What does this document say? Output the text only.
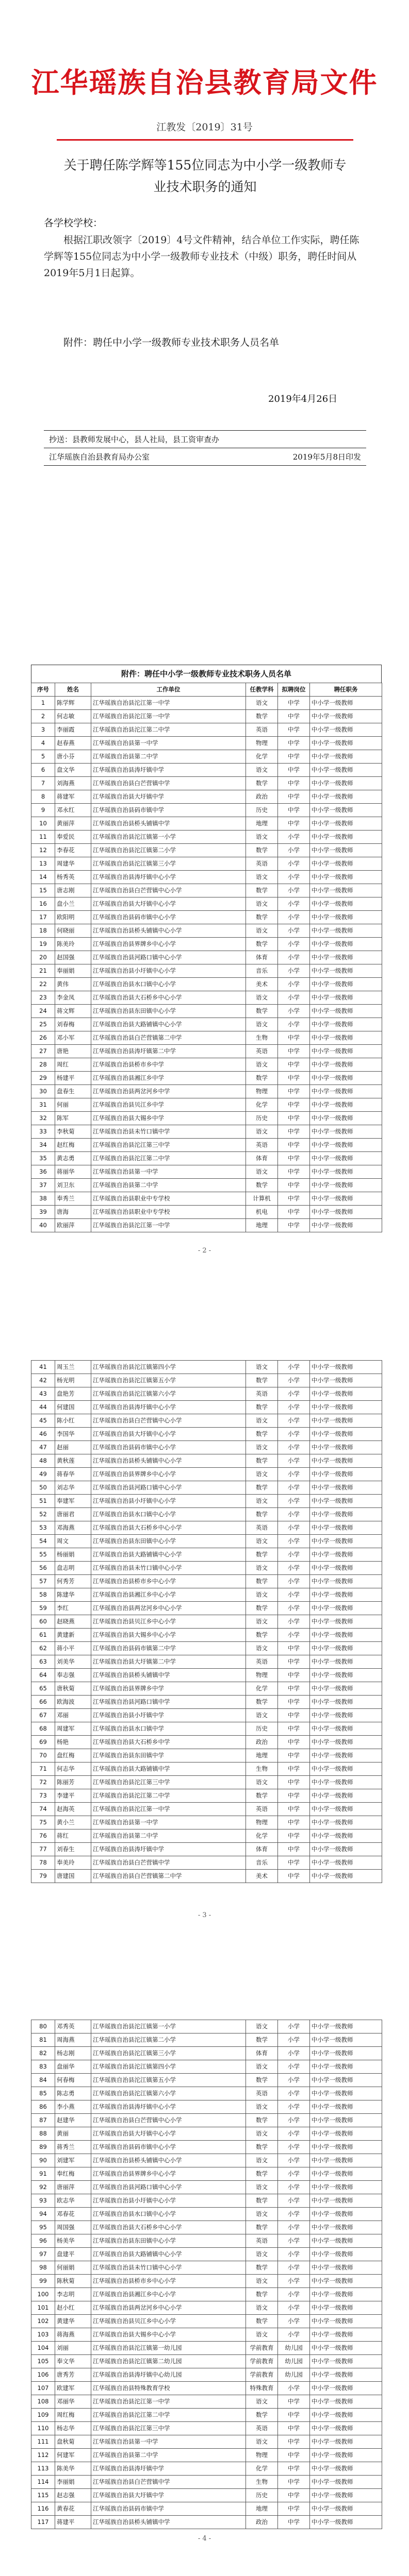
江华瑶族自治县教育局文件
江教发〔2019〕31号
关于聘任陈学辉等155位同志为中小学一级教师专业技术职务的通知
各学校学校：

根据江职改领字〔2019〕4号文件精神，结合单位工作实际，聘任陈学辉等155位同志为中小学一级教师专业技术（中级）职务，聘任时间从2019年5月1日起算。

附件：聘任中小学一级教师专业技术职务人员名单
2019年4月26日
抄送：县教师发展中心，县人社局，县工资审查办
江华瑶族自治县教育局办公室	2019年5月8日印发
附件：聘任中小学一级教师专业技术职务人员名单
序号	姓名	工作单位	任教学科	拟聘岗位	聘任职务
1	陈学辉	江华瑶族自治县沱江第一中学	语文	中学	中小学一级教师
2	何志敏	江华瑶族自治县沱江第一中学	数学	中学	中小学一级教师
3	李丽霞	江华瑶族自治县沱江第二中学	英语	中学	中小学一级教师
4	赵春燕	江华瑶族自治县第一中学	物理	中学	中小学一级教师
5	唐小芬	江华瑶族自治县第二中学	化学	中学	中小学一级教师
6	盘文华	江华瑶族自治县涛圩镇中学	语文	中学	中小学一级教师
7	刘海燕	江华瑶族自治县白芒营镇中学	数学	中学	中小学一级教师
8	蒋建军	江华瑶族自治县大圩镇中学	政治	中学	中小学一级教师
9	邓永红	江华瑶族自治县码市镇中学	历史	中学	中小学一级教师
10	黄丽萍	江华瑶族自治县桥头铺镇中学	地理	中学	中小学一级教师
11	奉爱民	江华瑶族自治县沱江镇第一小学	语文	小学	中小学一级教师
12	李春花	江华瑶族自治县沱江镇第二小学	数学	小学	中小学一级教师
13	周建华	江华瑶族自治县沱江镇第三小学	英语	小学	中小学一级教师
14	杨秀英	江华瑶族自治县涛圩镇中心小学	语文	小学	中小学一级教师
15	唐志刚	江华瑶族自治县白芒营镇中心小学	数学	小学	中小学一级教师
16	盘小兰	江华瑶族自治县大圩镇中心小学	语文	小学	中小学一级教师
17	欧阳明	江华瑶族自治县码市镇中心小学	数学	小学	中小学一级教师
18	何晓丽	江华瑶族自治县桥头铺镇中心小学	语文	小学	中小学一级教师
19	陈美玲	江华瑶族自治县界牌乡中心小学	数学	小学	中小学一级教师
20	赵国强	江华瑶族自治县河路口镇中心小学	体育	小学	中小学一级教师
21	奉丽娟	江华瑶族自治县小圩镇中心小学	音乐	小学	中小学一级教师
22	黄伟	江华瑶族自治县水口镇中心小学	美术	小学	中小学一级教师
23	李金凤	江华瑶族自治县大石桥乡中心小学	语文	小学	中小学一级教师
24	蒋文辉	江华瑶族自治县东田镇中心小学	数学	小学	中小学一级教师
25	刘春梅	江华瑶族自治县大路铺镇中心小学	语文	小学	中小学一级教师
26	邓小军	江华瑶族自治县白芒营镇第二中学	生物	中学	中小学一级教师
27	唐艳	江华瑶族自治县涛圩镇第二中学	英语	中学	中小学一级教师
28	周红	江华瑶族自治县桥市乡中学	语文	中学	中小学一级教师
29	杨建平	江华瑶族自治县湘江乡中学	数学	中学	中小学一级教师
30	盘春生	江华瑶族自治县两岔河乡中学	物理	中学	中小学一级教师
31	何丽	江华瑶族自治县贝江乡中学	化学	中学	中小学一级教师
32	陈军	江华瑶族自治县大锡乡中学	历史	中学	中小学一级教师
33	李秋菊	江华瑶族自治县未竹口镇中学	语文	中学	中小学一级教师
34	赵红梅	江华瑶族自治县沱江第三中学	英语	中学	中小学一级教师
35	黄志勇	江华瑶族自治县沱江第二中学	体育	中学	中小学一级教师
36	蒋丽华	江华瑶族自治县第一中学	语文	中学	中小学一级教师
37	刘卫东	江华瑶族自治县第二中学	数学	中学	中小学一级教师
38	奉秀兰	江华瑶族自治县职业中专学校	计算机	中学	中小学一级教师
39	唐海	江华瑶族自治县职业中专学校	机电	中学	中小学一级教师
40	欧丽萍	江华瑶族自治县沱江第一中学	地理	中学	中小学一级教师
- 2 -
41	周玉兰	江华瑶族自治县沱江镇第四小学	语文	小学	中小学一级教师
42	杨光明	江华瑶族自治县沱江镇第五小学	数学	小学	中小学一级教师
43	盘艳芳	江华瑶族自治县沱江镇第六小学	英语	小学	中小学一级教师
44	何建国	江华瑶族自治县涛圩镇中心小学	数学	小学	中小学一级教师
45	陈小红	江华瑶族自治县白芒营镇中心小学	语文	小学	中小学一级教师
46	李国华	江华瑶族自治县大圩镇中心小学	数学	小学	中小学一级教师
47	赵丽	江华瑶族自治县码市镇中心小学	语文	小学	中小学一级教师
48	黄秋莲	江华瑶族自治县桥头铺镇中心小学	数学	小学	中小学一级教师
49	蒋春华	江华瑶族自治县界牌乡中心小学	语文	小学	中小学一级教师
50	刘志华	江华瑶族自治县河路口镇中心小学	数学	小学	中小学一级教师
51	奉建军	江华瑶族自治县小圩镇中心小学	语文	小学	中小学一级教师
52	唐丽君	江华瑶族自治县水口镇中心小学	数学	小学	中小学一级教师
53	邓海燕	江华瑶族自治县大石桥乡中心小学	英语	小学	中小学一级教师
54	周文	江华瑶族自治县东田镇中心小学	语文	小学	中小学一级教师
55	杨丽娟	江华瑶族自治县大路铺镇中心小学	数学	小学	中小学一级教师
56	盘志明	江华瑶族自治县未竹口镇中心小学	语文	小学	中小学一级教师
57	何秀芳	江华瑶族自治县桥市乡中心小学	数学	小学	中小学一级教师
58	陈建华	江华瑶族自治县湘江乡中心小学	语文	小学	中小学一级教师
59	李红	江华瑶族自治县两岔河乡中心小学	数学	小学	中小学一级教师
60	赵晓燕	江华瑶族自治县贝江乡中心小学	语文	小学	中小学一级教师
61	黄建新	江华瑶族自治县大锡乡中心小学	数学	小学	中小学一级教师
62	蒋小平	江华瑶族自治县码市镇第二中学	语文	中学	中小学一级教师
63	刘美华	江华瑶族自治县大圩镇第二中学	英语	中学	中小学一级教师
64	奉志强	江华瑶族自治县桥头铺镇中学	物理	中学	中小学一级教师
65	唐秋菊	江华瑶族自治县界牌乡中学	化学	中学	中小学一级教师
66	欧海波	江华瑶族自治县河路口镇中学	数学	中学	中小学一级教师
67	邓丽	江华瑶族自治县小圩镇中学	语文	中学	中小学一级教师
68	周建军	江华瑶族自治县水口镇中学	历史	中学	中小学一级教师
69	杨艳	江华瑶族自治县大石桥乡中学	政治	中学	中小学一级教师
70	盘红梅	江华瑶族自治县东田镇中学	地理	中学	中小学一级教师
71	何志华	江华瑶族自治县大路铺镇中学	生物	中学	中小学一级教师
72	陈丽芳	江华瑶族自治县沱江第三中学	语文	中学	中小学一级教师
73	李建平	江华瑶族自治县沱江第二中学	数学	中学	中小学一级教师
74	赵海英	江华瑶族自治县沱江第一中学	英语	中学	中小学一级教师
75	黄小兰	江华瑶族自治县第一中学	物理	中学	中小学一级教师
76	蒋红	江华瑶族自治县第二中学	化学	中学	中小学一级教师
77	刘春生	江华瑶族自治县涛圩镇中学	体育	中学	中小学一级教师
78	奉美玲	江华瑶族自治县白芒营镇中学	音乐	中学	中小学一级教师
79	唐建国	江华瑶族自治县白芒营镇第二中学	美术	中学	中小学一级教师
- 3 -
80	邓秀英	江华瑶族自治县沱江镇第一小学	语文	小学	中小学一级教师
81	周海燕	江华瑶族自治县沱江镇第二小学	数学	小学	中小学一级教师
82	杨志刚	江华瑶族自治县沱江镇第三小学	体育	小学	中小学一级教师
83	盘丽华	江华瑶族自治县沱江镇第四小学	语文	小学	中小学一级教师
84	何春梅	江华瑶族自治县沱江镇第五小学	数学	小学	中小学一级教师
85	陈志勇	江华瑶族自治县沱江镇第六小学	英语	小学	中小学一级教师
86	李小燕	江华瑶族自治县涛圩镇中心小学	语文	小学	中小学一级教师
87	赵建华	江华瑶族自治县白芒营镇中心小学	数学	小学	中小学一级教师
88	黄丽	江华瑶族自治县大圩镇中心小学	语文	小学	中小学一级教师
89	蒋秀兰	江华瑶族自治县码市镇中心小学	数学	小学	中小学一级教师
90	刘建军	江华瑶族自治县桥头铺镇中心小学	语文	小学	中小学一级教师
91	奉红梅	江华瑶族自治县界牌乡中心小学	数学	小学	中小学一级教师
92	唐丽萍	江华瑶族自治县河路口镇中心小学	语文	小学	中小学一级教师
93	欧志华	江华瑶族自治县小圩镇中心小学	数学	小学	中小学一级教师
94	邓春花	江华瑶族自治县水口镇中心小学	语文	小学	中小学一级教师
95	周国强	江华瑶族自治县大石桥乡中心小学	数学	小学	中小学一级教师
96	杨美华	江华瑶族自治县东田镇中心小学	英语	小学	中小学一级教师
97	盘建平	江华瑶族自治县大路铺镇中心小学	语文	小学	中小学一级教师
98	何丽娟	江华瑶族自治县未竹口镇中心小学	数学	小学	中小学一级教师
99	陈秋菊	江华瑶族自治县桥市乡中心小学	语文	小学	中小学一级教师
100	李志明	江华瑶族自治县湘江乡中心小学	数学	小学	中小学一级教师
101	赵小红	江华瑶族自治县两岔河乡中心小学	语文	小学	中小学一级教师
102	黄建华	江华瑶族自治县贝江乡中心小学	数学	小学	中小学一级教师
103	蒋海燕	江华瑶族自治县大锡乡中心小学	语文	小学	中小学一级教师
104	刘丽	江华瑶族自治县沱江镇第一幼儿园	学前教育	幼儿园	中小学一级教师
105	奉文华	江华瑶族自治县沱江镇第二幼儿园	学前教育	幼儿园	中小学一级教师
106	唐秀芳	江华瑶族自治县涛圩镇中心幼儿园	学前教育	幼儿园	中小学一级教师
107	欧建军	江华瑶族自治县特殊教育学校	特殊教育	小学	中小学一级教师
108	邓丽华	江华瑶族自治县沱江第一中学	语文	中学	中小学一级教师
109	周红梅	江华瑶族自治县沱江第二中学	数学	中学	中小学一级教师
110	杨志华	江华瑶族自治县沱江第三中学	英语	中学	中小学一级教师
111	盘秋菊	江华瑶族自治县第一中学	语文	中学	中小学一级教师
112	何建军	江华瑶族自治县第二中学	物理	中学	中小学一级教师
113	陈美华	江华瑶族自治县涛圩镇中学	化学	中学	中小学一级教师
114	李丽娟	江华瑶族自治县白芒营镇中学	生物	中学	中小学一级教师
115	赵志强	江华瑶族自治县大圩镇中学	历史	中学	中小学一级教师
116	黄春花	江华瑶族自治县码市镇中学	地理	中学	中小学一级教师
117	蒋建平	江华瑶族自治县桥头铺镇中学	政治	中学	中小学一级教师
- 4 -
